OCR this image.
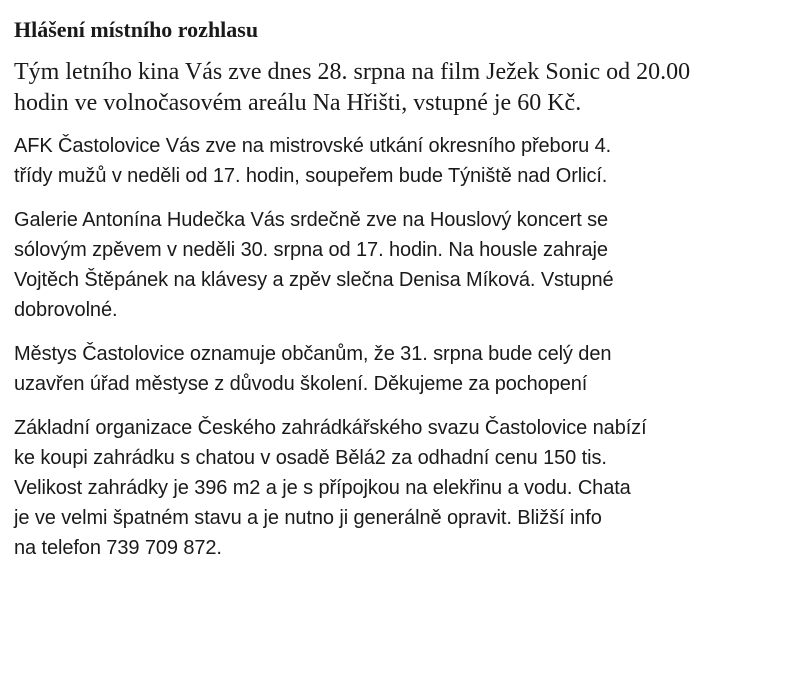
Hlášení místního rozhlasu
Tým letního kina Vás zve dnes 28. srpna na film Ježek Sonic od 20.00
hodin ve volnočasovém areálu Na Hřišti, vstupné je 60 Kč.
AFK Častolovice Vás zve na mistrovské utkání okresního přeboru 4.
třídy mužů v neděli od 17. hodin, soupeřem bude Týniště nad Orlicí.
Galerie Antonína Hudečka Vás srdečně zve na Houslový koncert se
sólovým zpěvem v neděli 30. srpna od 17. hodin. Na housle zahraje
Vojtěch Štěpánek na klávesy a zpěv slečna Denisa Míková. Vstupné
dobrovolné.
Městys Častolovice oznamuje občanům, že 31. srpna bude celý den
uzavřen úřad městyse z důvodu školení. Děkujeme za pochopení
Základní organizace Českého zahrádkářského svazu Častolovice nabízí
ke koupi zahrádku s chatou v osadě Bělá2 za odhadní cenu 150 tis.
Velikost zahrádky je 396 m2 a je s přípojkou na elekřinu a vodu. Chata
je ve velmi špatném stavu a je nutno ji generálně opravit. Bližší info
na telefon 739 709 872.
